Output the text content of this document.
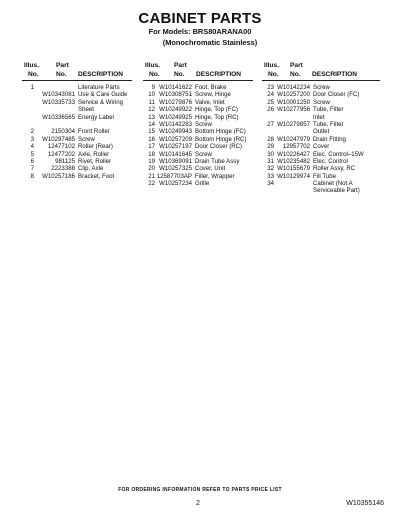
CABINET PARTS
For Models: BRS80ARANA00
(Monochromatic Stainless)
Illus.
No.
Part
No. DESCRIPTION
1	Literature Parts
W10343081 Use & Care Guide
W10335733 Service & Wiring
Sheet
W10336565 Energy Label
2	2150304 Front Roller
3	W10297485 Screw
4	12477102 Roller (Rear)
5	12477202 Axle, Roller
6	981125 Rivet, Roller
7	2223388 Clip, Axle
8	W10257186 Bracket, Foot
Illus.
No.
Part
No. DESCRIPTION
9 W10141622 Foot, Brake
10 W10308751 Screw, Hinge
11 W10279876 Valve, Inlet
12 W10249922 Hinge, Top (FC)
13 W10249925 Hinge, Top (RC)
14 W10142283 Screw
15 W10249943 Bottom Hinge (FC)
16 W10257209 Bottom Hinge (RC)
17 W10257197 Door Closer (RC)
18 W10141645 Screw
19 W10369091 Drain Tube Assy
20 W10257325 Cover, Unit
21 12587703AP Filler, Wrapper
22 W10257234 Grille
Illus.
No.
Part
No. DESCRIPTION
23 W10142234 Screw
24 W10257200 Door Closer (FC)
25 W10001250 Screw
26 W10277956 Tube, Filter
Inlet
27 W10279857 Tube, Filter
Outlet
28 W10247979 Drain Fitting
29	12957702 Cover
30 W10226427 Elec. Control–15W
31 W10235482 Elec. Control
32 W10155679 Roller Assy, RC
33 W10129974 Fill Tube
34	Cabinet (Not A
Serviceable Part)
FOR ORDERING INFORMATION REFER TO PARTS PRICE LIST
2	W10355146
